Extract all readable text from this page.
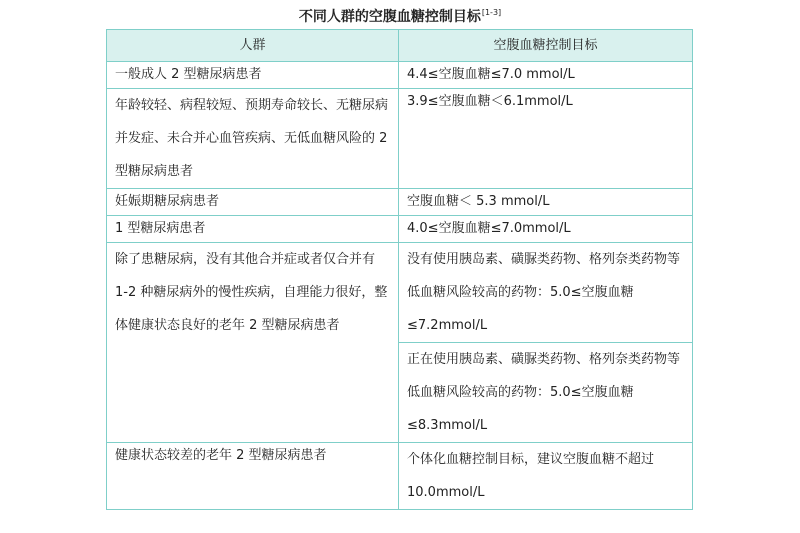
不同人群的空腹血糖控制目标[1-3]
人群	空腹血糖控制目标

一般成人 2 型糖尿病患者	4.4≤空腹血糖≤7.0 mmol/L

年龄较轻、病程较短、预期寿命较长、无糖尿病并发症、未合并心血管疾病、无低血糖风险的 2 型糖尿病患者	3.9≤空腹血糖＜6.1mmol/L

妊娠期糖尿病患者	空腹血糖＜ 5.3 mmol/L

1 型糖尿病患者	4.0≤空腹血糖≤7.0mmol/L

除了患糖尿病，没有其他合并症或者仅合并有 1-2 种糖尿病外的慢性疾病，自理能力很好，整体健康状态良好的老年 2 型糖尿病患者	没有使用胰岛素、磺脲类药物、格列奈类药物等低血糖风险较高的药物：5.0≤空腹血糖≤7.2mmol/L

	正在使用胰岛素、磺脲类药物、格列奈类药物等低血糖风险较高的药物：5.0≤空腹血糖≤8.3mmol/L

健康状态较差的老年 2 型糖尿病患者	个体化血糖控制目标，建议空腹血糖不超过10.0mmol/L
